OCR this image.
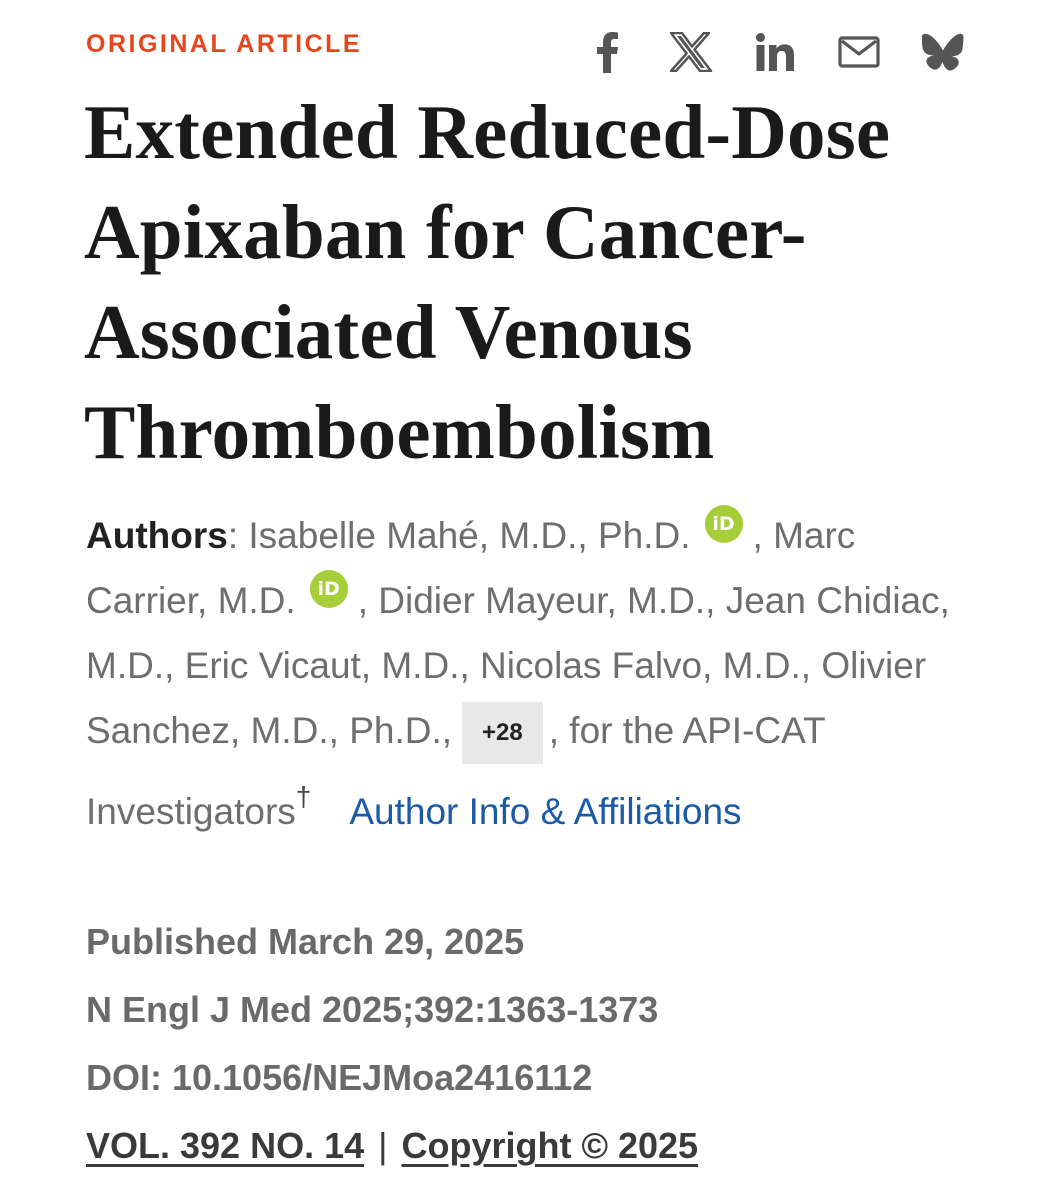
ORIGINAL ARTICLE
Extended Reduced-Dose Apixaban for Cancer-Associated Venous Thromboembolism
Authors: Isabelle Mahé, M.D., Ph.D. iD , Marc Carrier, M.D. iD , Didier Mayeur, M.D., Jean Chidiac, M.D., Eric Vicaut, M.D., Nicolas Falvo, M.D., Olivier Sanchez, M.D., Ph.D., +28 , for the API-CAT Investigators† Author Info & Affiliations
Published March 29, 2025
N Engl J Med 2025;392:1363-1373
DOI: 10.1056/NEJMoa2416112
VOL. 392 NO. 14 | Copyright © 2025
